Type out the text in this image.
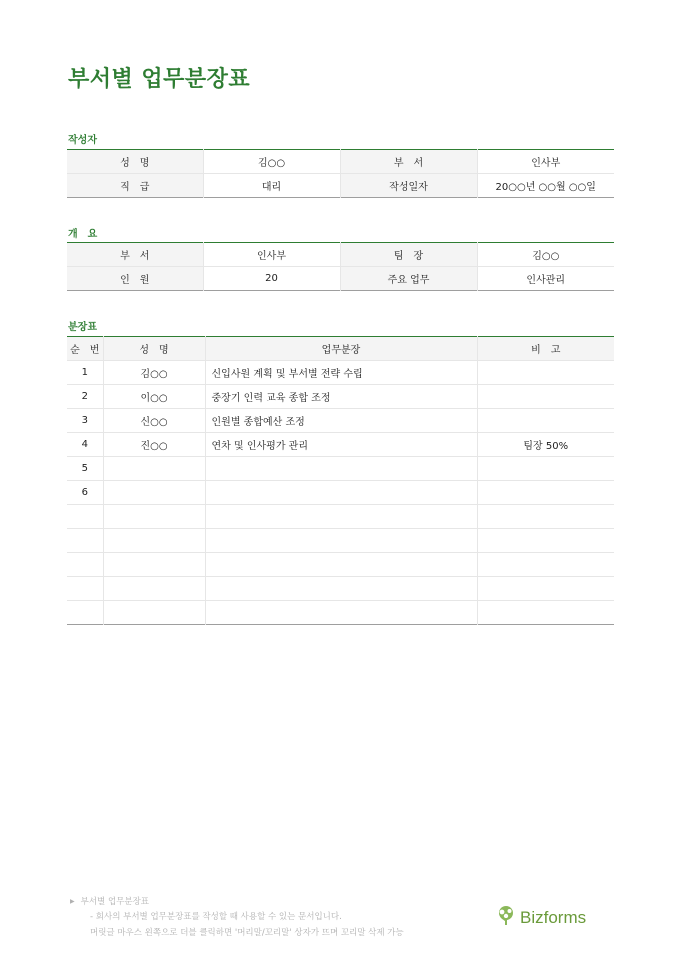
부서별 업무분장표
작성자
성　명	김○○	부　서	인사부
직　급	대리	작성일자	20○○년 ○○월 ○○일
개　요
부　서	인사부	팀　장	김○○
인　원	20	주요 업무	인사관리
분장표
순　번	성　명	업무분장	비　고
1	김○○	신입사원 계획 및 부서별 전략 수립	
2	이○○	중장기 인력 교육 종합 조정	
3	신○○	인원별 종합예산 조정	
4	진○○	연차 및 인사평가 관리	팀장 50%
5			
6			

▶ 부서별 업무분장표
- 회사의 부서별 업무분장표를 작성할 때 사용할 수 있는 문서입니다.
머릿글 마우스 왼쪽으로 더블 클릭하면 '머리말/꼬리말' 상자가 뜨며 꼬리말 삭제 가능
Bizforms
